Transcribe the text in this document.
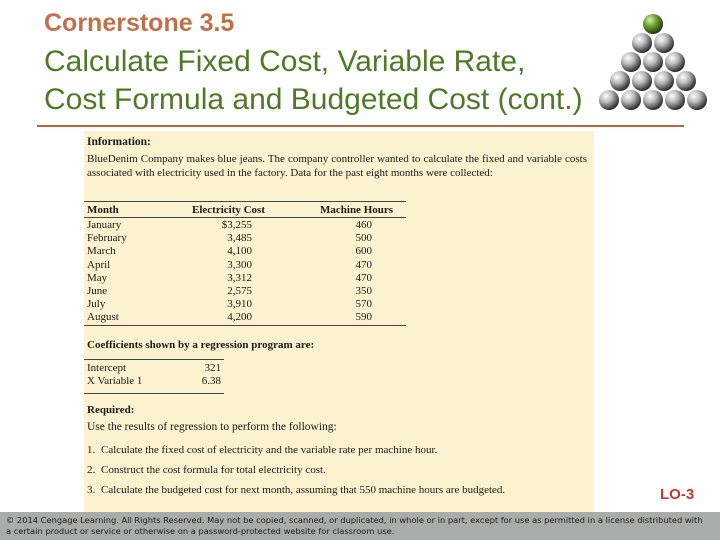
Cornerstone 3.5
Calculate Fixed Cost, Variable Rate,
Cost Formula and Budgeted Cost (cont.)
Information:
BlueDenim Company makes blue jeans. The company controller wanted to calculate the fixed and variable costs associated with electricity used in the factory. Data for the past eight months were collected:
Month	Electricity Cost	Machine Hours
January	$3,255	460
February	3,485	500
March	4,100	600
April	3,300	470
May	3,312	470
June	2,575	350
July	3,910	570
August	4,200	590
Coefficients shown by a regression program are:
Intercept	321
X Variable 1	6.38
Required:
Use the results of regression to perform the following:
1. Calculate the fixed cost of electricity and the variable rate per machine hour.
2. Construct the cost formula for total electricity cost.
3. Calculate the budgeted cost for next month, assuming that 550 machine hours are budgeted.	LO-3
© 2014 Cengage Learning. All Rights Reserved. May not be copied, scanned, or duplicated, in whole or in part, except for use as permitted in a license distributed with a certain product or service or otherwise on a password-protected website for classroom use.
